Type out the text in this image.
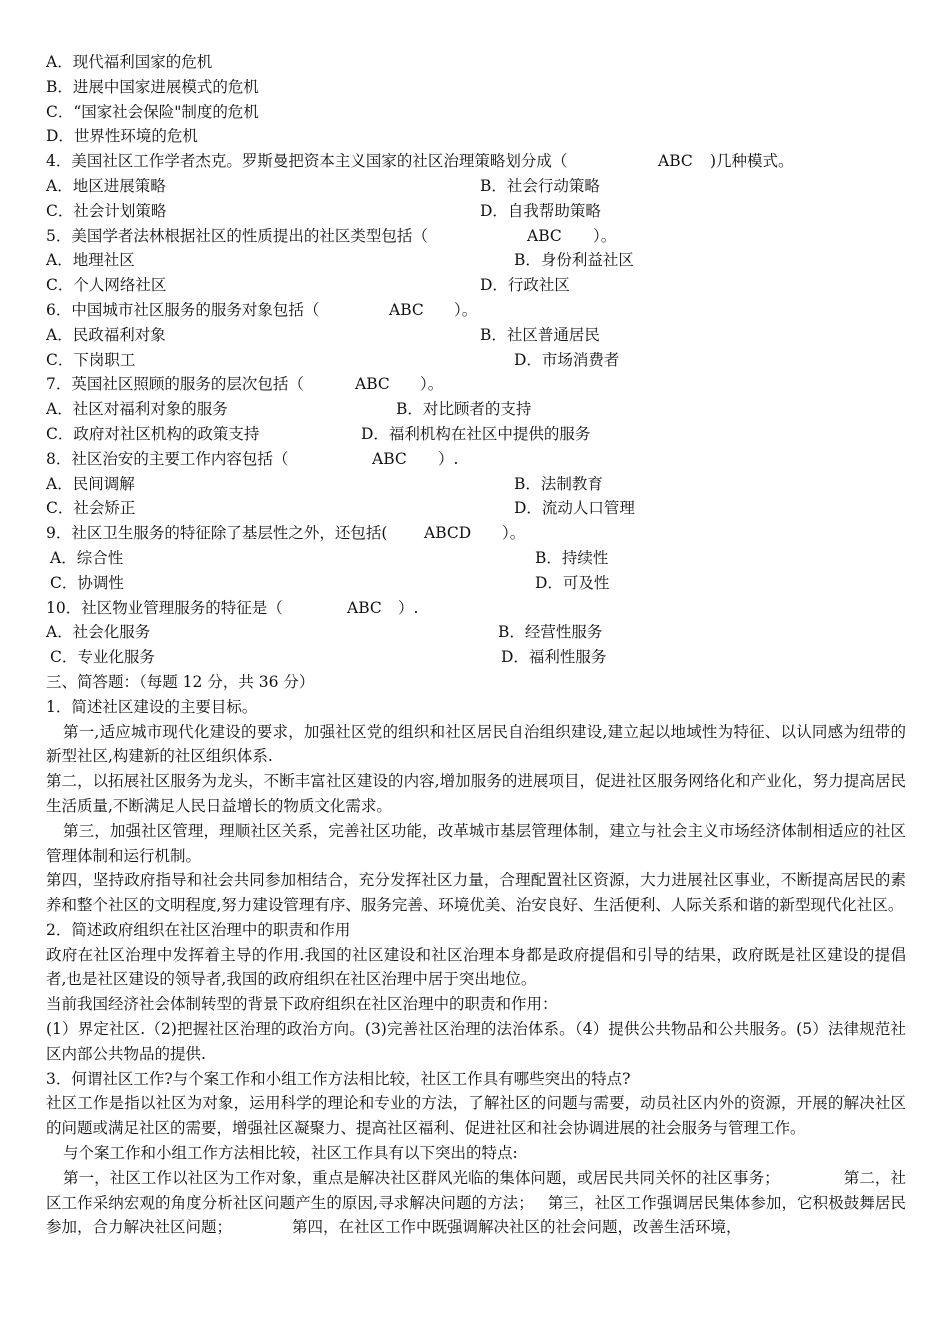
A．现代福利国家的危机
B．进展中国家进展模式的危机
C．“国家社会保险"制度的危机
D．世界性环境的危机
4．美国社区工作学者杰克。罗斯曼把资本主义国家的社区治理策略划分成（	ABC )几种模式。
A．地区进展策略	B．社会行动策略
C．社会计划策略	D．自我帮助策略
5．美国学者法林根据社区的性质提出的社区类型包括（	ABC ）。
A．地理社区	B．身份利益社区
C．个人网络社区	D．行政社区
6．中国城市社区服务的服务对象包括（	ABC ）。
A．民政福利对象	B．社区普通居民
C．下岗职工	D．市场消费者
7．英国社区照顾的服务的层次包括（	ABC ）。
A．社区对福利对象的服务	B．对比顾者的支持
C．政府对社区机构的政策支持	D．福利机构在社区中提供的服务
8．社区治安的主要工作内容包括（	ABC ）.
A．民间调解	B．法制教育
C．社会矫正	D．流动人口管理
9．社区卫生服务的特征除了基层性之外，还包括( ABCD ）。
A．综合性	B．持续性
C．协调性	D．可及性
10．社区物业管理服务的特征是（	ABC ）.
A．社会化服务	B．经营性服务
C．专业化服务	D．福利性服务
三、简答题：（每题 12 分，共 36 分）
1．简述社区建设的主要目标。
第一,适应城市现代化建设的要求，加强社区党的组织和社区居民自治组织建设,建立起以地域性为特征、以认同感为纽带的新型社区,构建新的社区组织体系.
第二，以拓展社区服务为龙头，不断丰富社区建设的内容,增加服务的进展项目，促进社区服务网络化和产业化，努力提高居民生活质量,不断满足人民日益增长的物质文化需求。
第三，加强社区管理，理顺社区关系，完善社区功能，改革城市基层管理体制，建立与社会主义市场经济体制相适应的社区管理体制和运行机制。
第四，坚持政府指导和社会共同参加相结合，充分发挥社区力量，合理配置社区资源，大力进展社区事业，不断提高居民的素养和整个社区的文明程度,努力建设管理有序、服务完善、环境优美、治安良好、生活便利、人际关系和谐的新型现代化社区。
2．简述政府组织在社区治理中的职责和作用
政府在社区治理中发挥着主导的作用.我国的社区建设和社区治理本身都是政府提倡和引导的结果，政府既是社区建设的提倡者,也是社区建设的领导者,我国的政府组织在社区治理中居于突出地位。
当前我国经济社会体制转型的背景下政府组织在社区治理中的职责和作用：
(1）界定社区.（2)把握社区治理的政治方向。(3)完善社区治理的法治体系。（4）提供公共物品和公共服务。(5）法律规范社区内部公共物品的提供.
3．何谓社区工作?与个案工作和小组工作方法相比较，社区工作具有哪些突出的特点?
社区工作是指以社区为对象，运用科学的理论和专业的方法，了解社区的问题与需要，动员社区内外的资源，开展的解决社区的问题或满足社区的需要，增强社区凝聚力、提高社区福利、促进社区和社会协调进展的社会服务与管理工作。
与个案工作和小组工作方法相比较，社区工作具有以下突出的特点:
第一，社区工作以社区为工作对象，重点是解决社区群风光临的集体问题，或居民共同关怀的社区事务；	第二，社区工作采纳宏观的角度分析社区问题产生的原因,寻求解决问题的方法； 第三，社区工作强调居民集体参加，它积极鼓舞居民参加，合力解决社区问题；	第四，在社区工作中既强调解决社区的社会问题，改善生活环境，
